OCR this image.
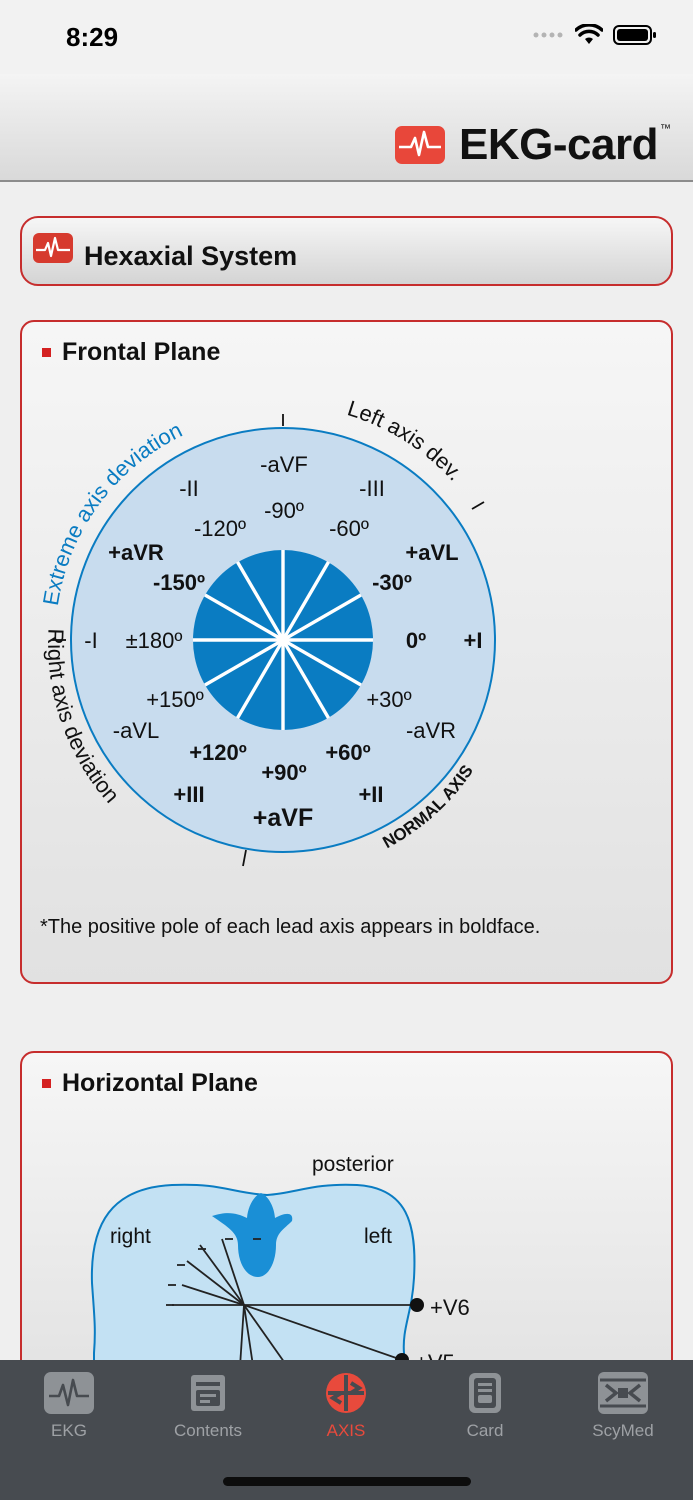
8:29
EKG-card ™
Hexaxial System
Frontal Plane
Extreme axis deviation
Left axis dev.
Right axis deviation
NORMAL AXIS
-aVF
-90º
-II
-120º
-III
-60º
+aVR
-150º
+aVL
-30º
-I ±180º	0º +I
+150º
-aVL
+30º
-aVR
+120º
+90º
+60º
+III	+II
+aVF
*The positive pole of each lead axis appears in boldface.
Horizontal Plane
posterior
right	left
+V6
EKG	Contents	AXIS	Card	ScyMed
